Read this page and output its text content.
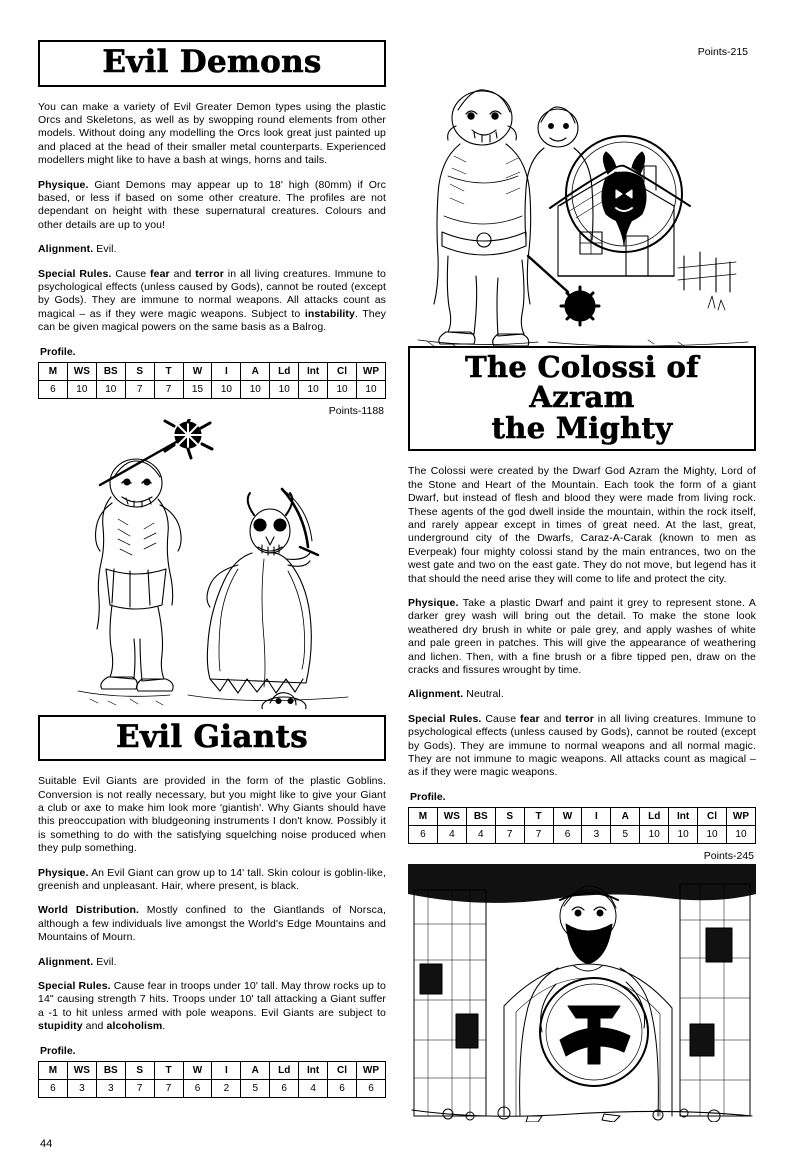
Evil Demons

You can make a variety of Evil Greater Demon types using the plastic Orcs and Skeletons, as well as by swopping round elements from other models. Without doing any modelling the Orcs look great just painted up and placed at the head of their smaller metal counterparts. Experienced modellers might like to have a bash at wings, horns and tails.

Physique. Giant Demons may appear up to 18' high (80mm) if Orc based, or less if based on some other creature. The profiles are not dependant on height with these supernatural creatures. Colours and other details are up to you!

Alignment. Evil.

Special Rules. Cause fear and terror in all living creatures. Immune to psychological effects (unless caused by Gods), cannot be routed (except by Gods). They are immune to normal weapons. All attacks count as magical – as if they were magic weapons. Subject to instability. They can be given magical powers on the same basis as a Balrog.

Profile.
M	WS	BS	S	T	W	I	A	Ld	Int	Cl	WP
6	10	10	7	7	15	10	10	10	10	10	10
Points-1188
Evil Giants

Suitable Evil Giants are provided in the form of the plastic Goblins. Conversion is not really necessary, but you might like to give your Giant a club or axe to make him look more 'giantish'. Why Giants should have this preoccupation with bludgeoning instruments I don't know. Possibly it is something to do with the satisfying squelching noise produced when they pulp something.

Physique. An Evil Giant can grow up to 14' tall. Skin colour is goblin-like, greenish and unpleasant. Hair, where present, is black.

World Distribution. Mostly confined to the Giantlands of Norsca, although a few individuals live amongst the World's Edge Mountains and Mountains of Mourn.

Alignment. Evil.

Special Rules. Cause fear in troops under 10' tall. May throw rocks up to 14" causing strength 7 hits. Troops under 10' tall attacking a Giant suffer a -1 to hit unless armed with pole weapons. Evil Giants are subject to stupidity and alcoholism.

Profile.
M	WS	BS	S	T	W	I	A	Ld	Int	Cl	WP
6	3	3	7	7	6	2	5	6	4	6	6
Points-215
The Colossi of Azram
the Mighty

The Colossi were created by the Dwarf God Azram the Mighty, Lord of the Stone and Heart of the Mountain. Each took the form of a giant Dwarf, but instead of flesh and blood they were made from living rock. These agents of the god dwell inside the mountain, within the rock itself, and rarely appear except in times of great need. At the last, great, underground city of the Dwarfs, Caraz-A-Carak (known to men as Everpeak) four mighty colossi stand by the main entrances, two on the west gate and two on the east gate. They do not move, but legend has it that should the need arise they will come to life and protect the city.

Physique. Take a plastic Dwarf and paint it grey to represent stone. A darker grey wash will bring out the detail. To make the stone look weathered dry brush in white or pale grey, and apply washes of white and pale green in patches. This will give the appearance of weathering and lichen. Then, with a fine brush or a fibre tipped pen, draw on the cracks and fissures wrought by time.

Alignment. Neutral.

Special Rules. Cause fear and terror in all living creatures. Immune to psychological effects (unless caused by Gods), cannot be routed (except by Gods). They are immune to normal weapons and all normal magic. They are not immune to magic weapons. All attacks count as magical – as if they were magic weapons.

Profile.
M	WS	BS	S	T	W	I	A	Ld	Int	Cl	WP
6	4	4	7	7	6	3	5	10	10	10	10
Points-245
44
